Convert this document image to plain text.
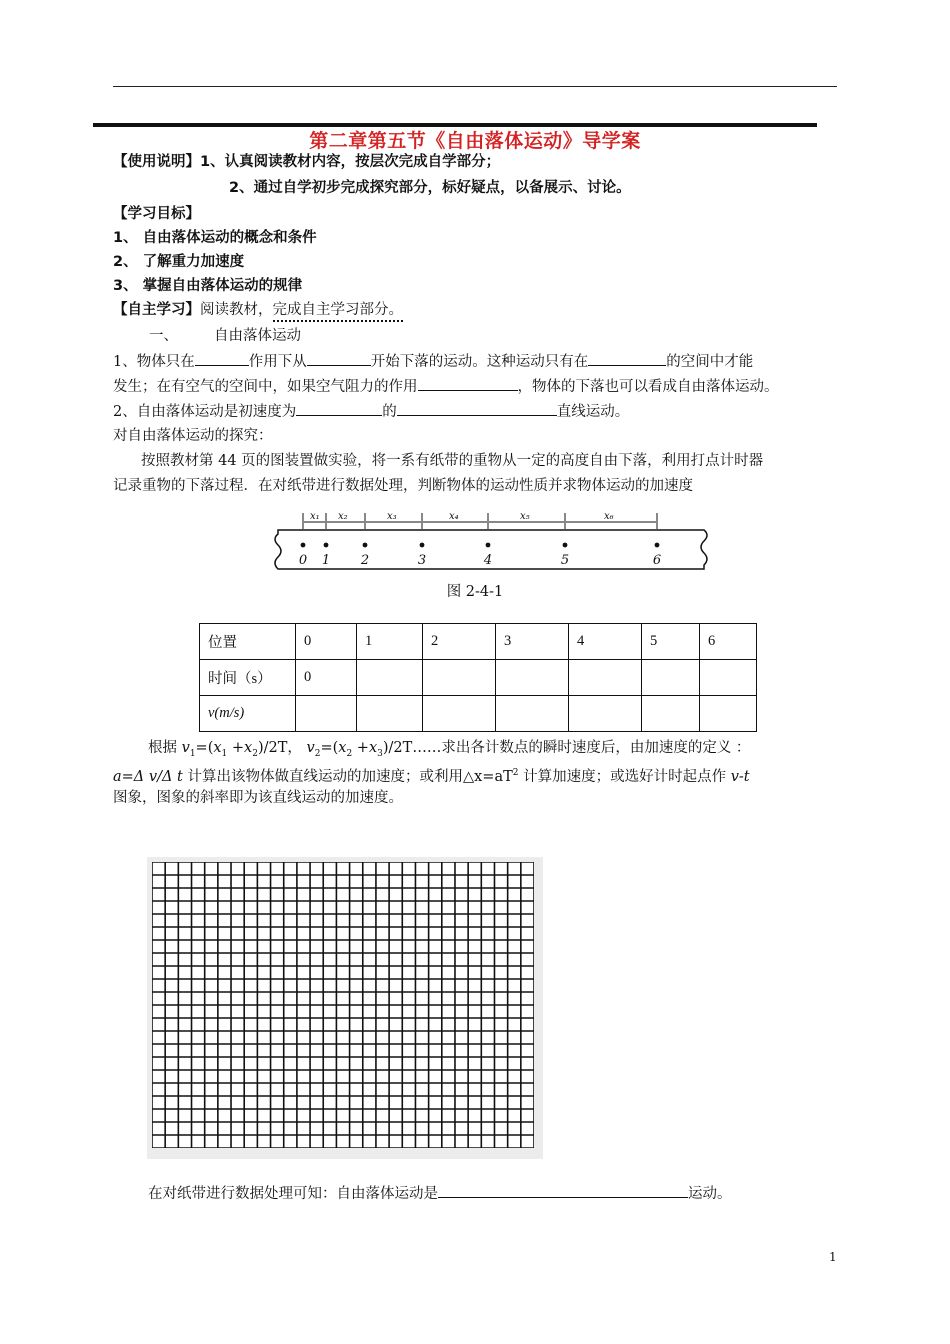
第二章第五节《自由落体运动》导学案
【使用说明】1、认真阅读教材内容，按层次完成自学部分；
2、通过自学初步完成探究部分，标好疑点，以备展示、讨论。
【学习目标】
1、 自由落体运动的概念和条件
2、 了解重力加速度
3、 掌握自由落体运动的规律
【自主学习】阅读教材，完成自主学习部分。
一、 自由落体运动
1、物体只在	作用下从	开始下落的运动。这种运动只有在	的空间中才能
发生；在有空气的空间中，如果空气阻力的作用	，物体的下落也可以看成自由落体运动。
2、自由落体运动是初速度为	的	直线运动。
对自由落体运动的探究：
按照教材第 44 页的图装置做实验，将一系有纸带的重物从一定的高度自由下落，利用打点计时器
记录重物的下落过程．在对纸带进行数据处理，判断物体的运动性质并求物体运动的加速度
x₁ x₂	x₃	x₄	x₅	x₆
0 1 2	3	4	5	6
图 2-4-1
位置	0	1	2	3	4	5	6
时间（s）	0						
v(m/s)							
根据 $v_1=(x_1 +x_2)/2T$， $v_2=(x_2$ $+x_3)/2T\dots\dots$求出各计数点的瞬时速度后，由加速度的定义 ：
a=Δ v/Δ t 计算出该物体做直线运动的加速度；或利用$\triangle x=aT^2$ 计算加速度；或选好计时起点作 v-t
图象，图象的斜率即为该直线运动的加速度。
在对纸带进行数据处理可知：自由落体运动是	运动。
1
